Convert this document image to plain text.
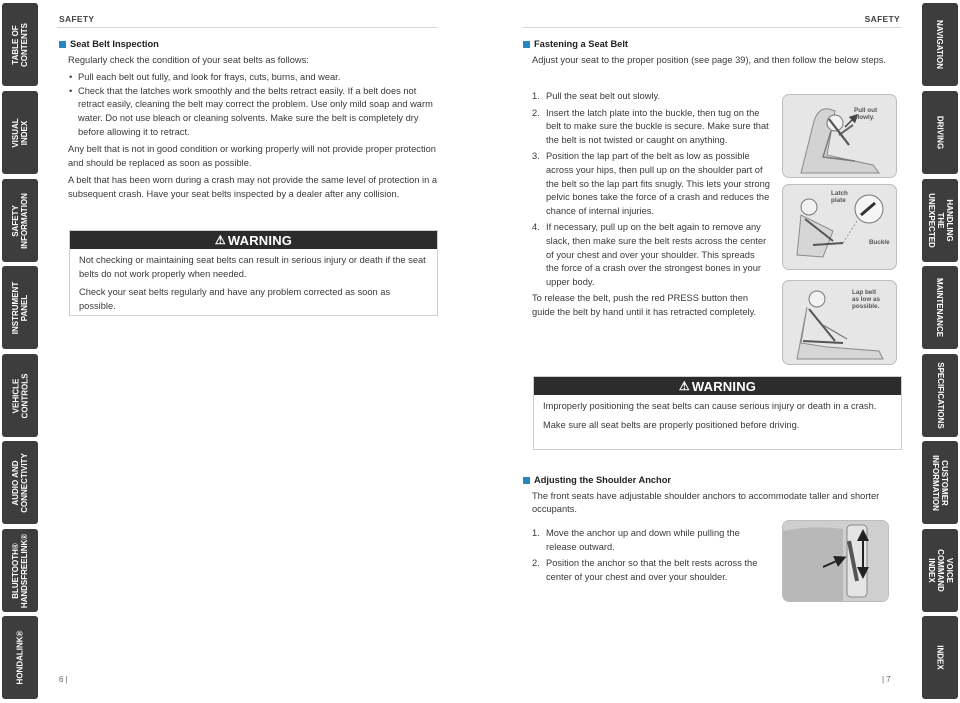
TABLE OF CONTENTS
VISUAL INDEX
SAFETY
INFORMATION
INSTRUMENT PANEL
VEHICLE
CONTROLS
AUDIO AND
CONNECTIVITY
BLUETOOTH®
HANDSFREELINK®
HONDALINK®
NAVIGATION
DRIVING
HANDLING THE
UNEXPECTED
MAINTENANCE
SPECIFICATIONS
CUSTOMER
INFORMATION
VOICE COMMAND
INDEX
INDEX
SAFETY	SAFETY
Seat Belt Inspection

Regularly check the condition of your seat belts as follows:

• Pull each belt out fully, and look for frays, cuts, burns, and wear.
• Check that the latches work smoothly and the belts retract easily. If a belt does not retract easily, cleaning the belt may correct the problem. Use only mild soap and warm water. Do not use bleach or cleaning solvents. Make sure the belt is completely dry before allowing it to retract.

Any belt that is not in good condition or working properly will not provide proper protection and should be replaced as soon as possible.

A belt that has been worn during a crash may not provide the same level of protection in a subsequent crash. Have your seat belts inspected by a dealer after any collision.

⚠ WARNING

Not checking or maintaining seat belts can result in serious injury or death if the seat belts do not work properly when needed.

Check your seat belts regularly and have any problem corrected as soon as possible.

Fastening a Seat Belt

Adjust your seat to the proper position (see page 39), and then follow the below steps.

1. Pull the seat belt out slowly.
2. Insert the latch plate into the buckle, then tug on the belt to make sure the buckle is secure. Make sure that the belt is not twisted or caught on anything.
3. Position the lap part of the belt as low as possible across your hips, then pull up on the shoulder part of the belt so the lap part fits snugly. This lets your strong pelvic bones take the force of a crash and reduces the chance of internal injuries.
4. If necessary, pull up on the belt again to remove any slack, then make sure the belt rests across the center of your chest and over your shoulder. This spreads the force of a crash over the strongest bones in your upper body.
To release the belt, push the red PRESS button then guide the belt by hand until it has retracted completely.
Pull out
slowly.
Latch
plate
Buckle
Lap belt
as low as
possible.
⚠ WARNING

Improperly positioning the seat belts can cause serious injury or death in a crash.

Make sure all seat belts are properly positioned before driving.

Adjusting the Shoulder Anchor

The front seats have adjustable shoulder anchors to accommodate taller and shorter occupants.

1. Move the anchor up and down while pulling the release outward.
2. Position the anchor so that the belt rests across the center of your chest and over your shoulder.
6 |	| 7
